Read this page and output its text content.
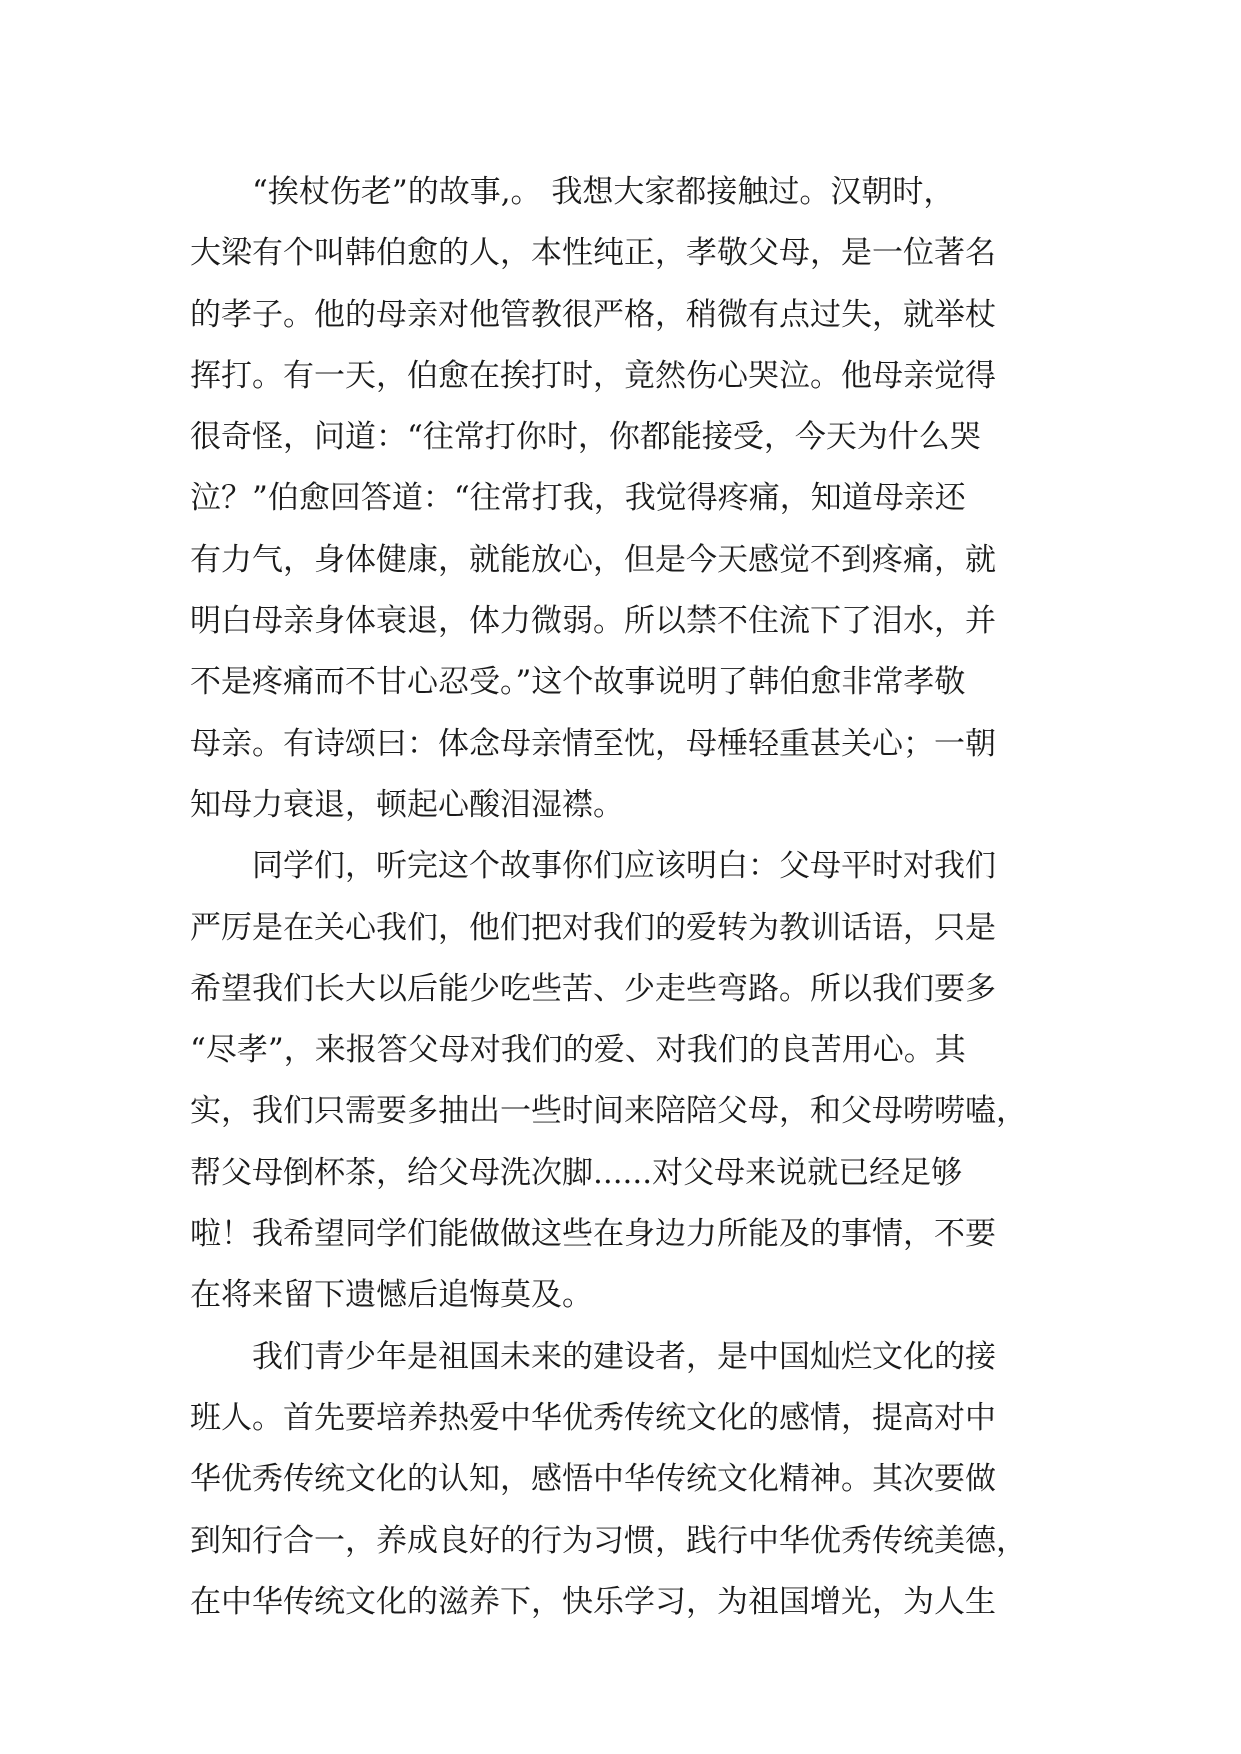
　　“挨杖伤老”的故事,。 我想大家都接触过。汉朝时，
大梁有个叫韩伯愈的人，本性纯正，孝敬父母，是一位著名
的孝子。他的母亲对他管教很严格，稍微有点过失，就举杖
挥打。有一天，伯愈在挨打时，竟然伤心哭泣。他母亲觉得
很奇怪，问道：“往常打你时，你都能接受，今天为什么哭
泣？”伯愈回答道：“往常打我，我觉得疼痛，知道母亲还
有力气，身体健康，就能放心，但是今天感觉不到疼痛，就
明白母亲身体衰退，体力微弱。所以禁不住流下了泪水，并
不是疼痛而不甘心忍受。”这个故事说明了韩伯愈非常孝敬
母亲。有诗颂曰：体念母亲情至忱，母棰轻重甚关心；一朝
知母力衰退，顿起心酸泪湿襟。
　　同学们，听完这个故事你们应该明白：父母平时对我们
严厉是在关心我们，他们把对我们的爱转为教训话语，只是
希望我们长大以后能少吃些苦、少走些弯路。所以我们要多
“尽孝”，来报答父母对我们的爱、对我们的良苦用心。其
实，我们只需要多抽出一些时间来陪陪父母，和父母唠唠嗑，
帮父母倒杯茶，给父母洗次脚......对父母来说就已经足够
啦！我希望同学们能做做这些在身边力所能及的事情，不要
在将来留下遗憾后追悔莫及。
　　我们青少年是祖国未来的建设者，是中国灿烂文化的接
班人。首先要培养热爱中华优秀传统文化的感情，提高对中
华优秀传统文化的认知，感悟中华传统文化精神。其次要做
到知行合一，养成良好的行为习惯，践行中华优秀传统美德，
在中华传统文化的滋养下，快乐学习，为祖国增光，为人生
